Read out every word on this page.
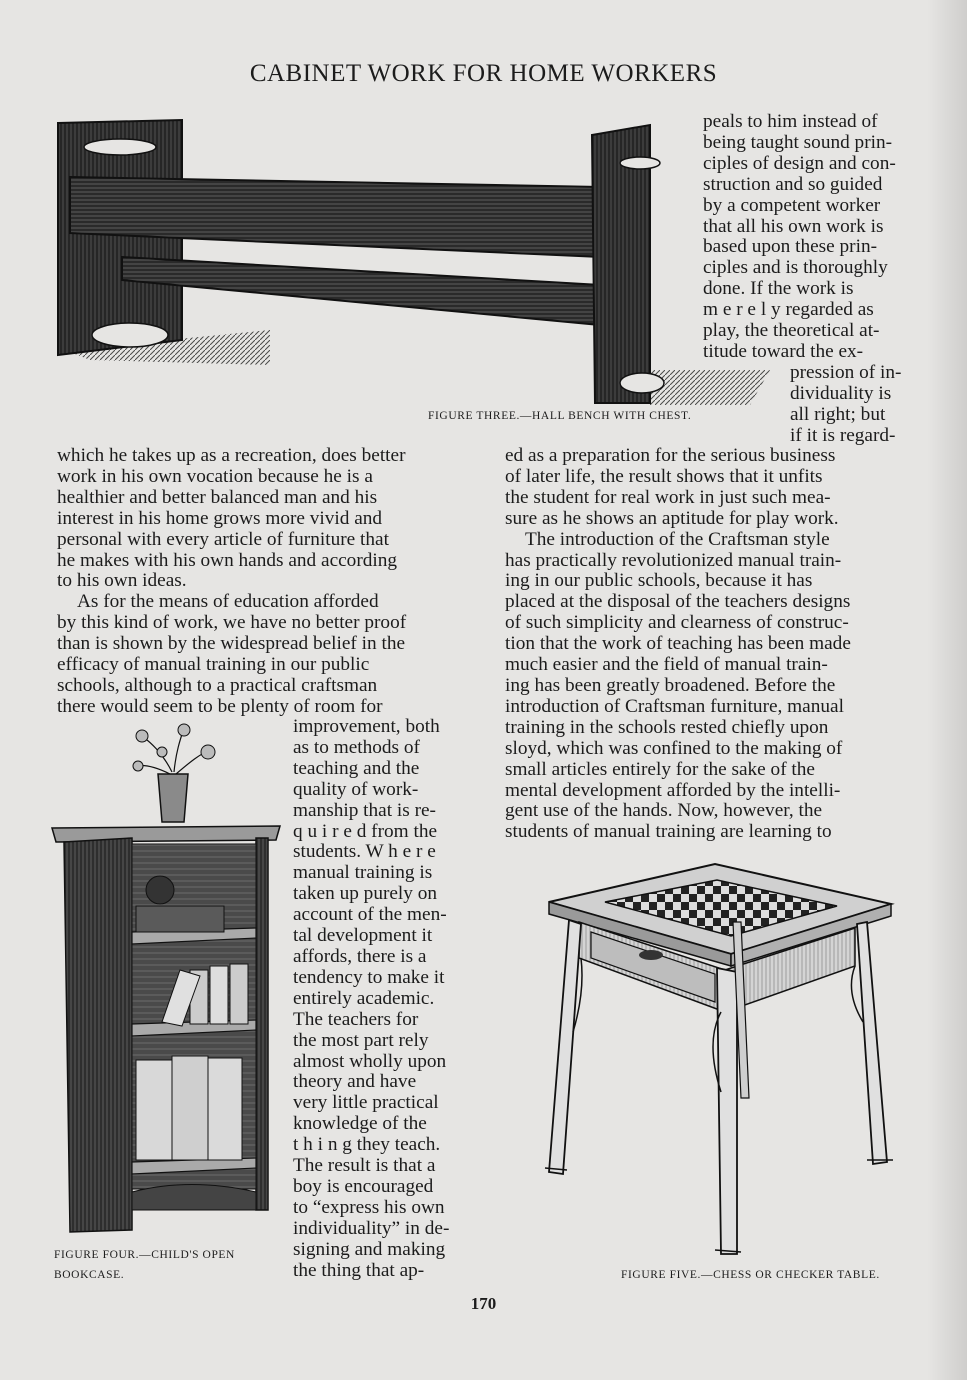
CABINET WORK FOR HOME WORKERS
peals to him instead of
being taught sound prin-
ciples of design and con-
struction and so guided
by a competent worker
that all his own work is
based upon these prin-
ciples and is thoroughly
done. If the work is
m e r e l y regarded as
play, the theoretical at-
titude toward the ex-
pression of in-
dividuality is
all right; but
if it is regard-
FIGURE THREE.—HALL BENCH WITH CHEST.
which he takes up as a recreation, does better
work in his own vocation because he is a
healthier and better balanced man and his
interest in his home grows more vivid and
personal with every article of furniture that
he makes with his own hands and according
to his own ideas.
As for the means of education afforded
by this kind of work, we have no better proof
than is shown by the widespread belief in the
efficacy of manual training in our public
schools, although to a practical craftsman
there would seem to be plenty of room for
improvement, both
as to methods of
teaching and the
quality of work-
manship that is re-
q u i r e d from the
students. W h e r e
manual training is
taken up purely on
account of the men-
tal development it
affords, there is a
tendency to make it
entirely academic.
The teachers for
the most part rely
almost wholly upon
theory and have
very little practical
knowledge of the
t h i n g they teach.
The result is that a
boy is encouraged
to “express his own
individuality” in de-
signing and making
the thing that ap-
FIGURE FOUR.—CHILD'S OPEN
BOOKCASE.
ed as a preparation for the serious business
of later life, the result shows that it unfits
the student for real work in just such mea-
sure as he shows an aptitude for play work.
The introduction of the Craftsman style
has practically revolutionized manual train-
ing in our public schools, because it has
placed at the disposal of the teachers designs
of such simplicity and clearness of construc-
tion that the work of teaching has been made
much easier and the field of manual train-
ing has been greatly broadened. Before the
introduction of Craftsman furniture, manual
training in the schools rested chiefly upon
sloyd, which was confined to the making of
small articles entirely for the sake of the
mental development afforded by the intelli-
gent use of the hands. Now, however, the
students of manual training are learning to
FIGURE FIVE.—CHESS OR CHECKER TABLE.
170
